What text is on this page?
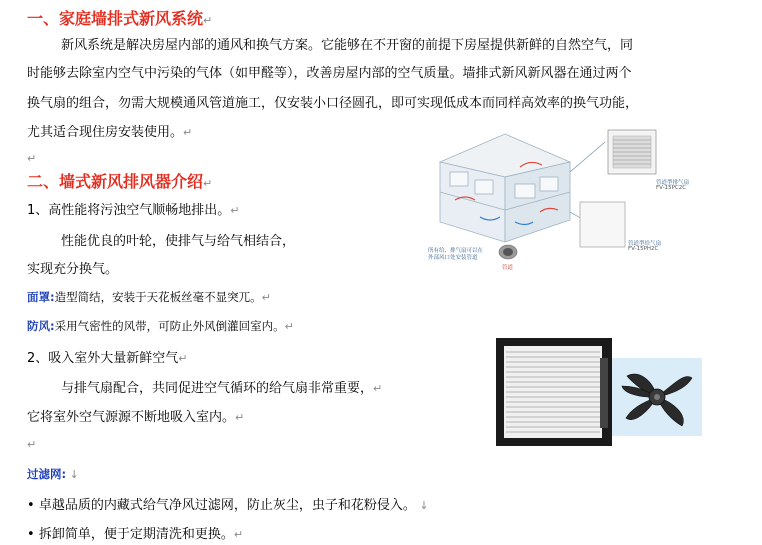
一、家庭墙排式新风系统↵
新风系统是解决房屋内部的通风和换气方案。它能够在不开窗的前提下房屋提供新鲜的自然空气，同
时能够去除室内空气中污染的气体（如甲醛等），改善房屋内部的空气质量。墙排式新风新风器在通过两个
换气扇的组合，勿需大规模通风管道施工，仅安装小口径圆孔，即可实现低成本而同样高效率的换气功能，
尤其适合现住房安装使用。↵
↵
二、墙式新风排风器介绍↵
1、高性能将污浊空气顺畅地排出。↵
性能优良的叶轮，使排气与给气相结合，
实现充分换气。
面罩:造型简结，安装于天花板丝毫不显突兀。↵
防风:采用气密性的风带，可防止外风倒灌回室内。↵
2、吸入室外大量新鲜空气↵
与排气扇配合，共同促进空气循环的给气扇非常重要，↵
它将室外空气源源不断地吸入室内。↵
↵
过滤网: ↓
• 卓越品质的内藏式给气净风过滤网，防止灰尘，虫子和花粉侵入。 ↓
• 拆卸简单，便于定期清洗和更换。↵
管道型排气扇
FV-15PC2C
管道型给气扇
FV-15PH2C
所有给、排气扇可以在
外部风口处安装管道
管道
